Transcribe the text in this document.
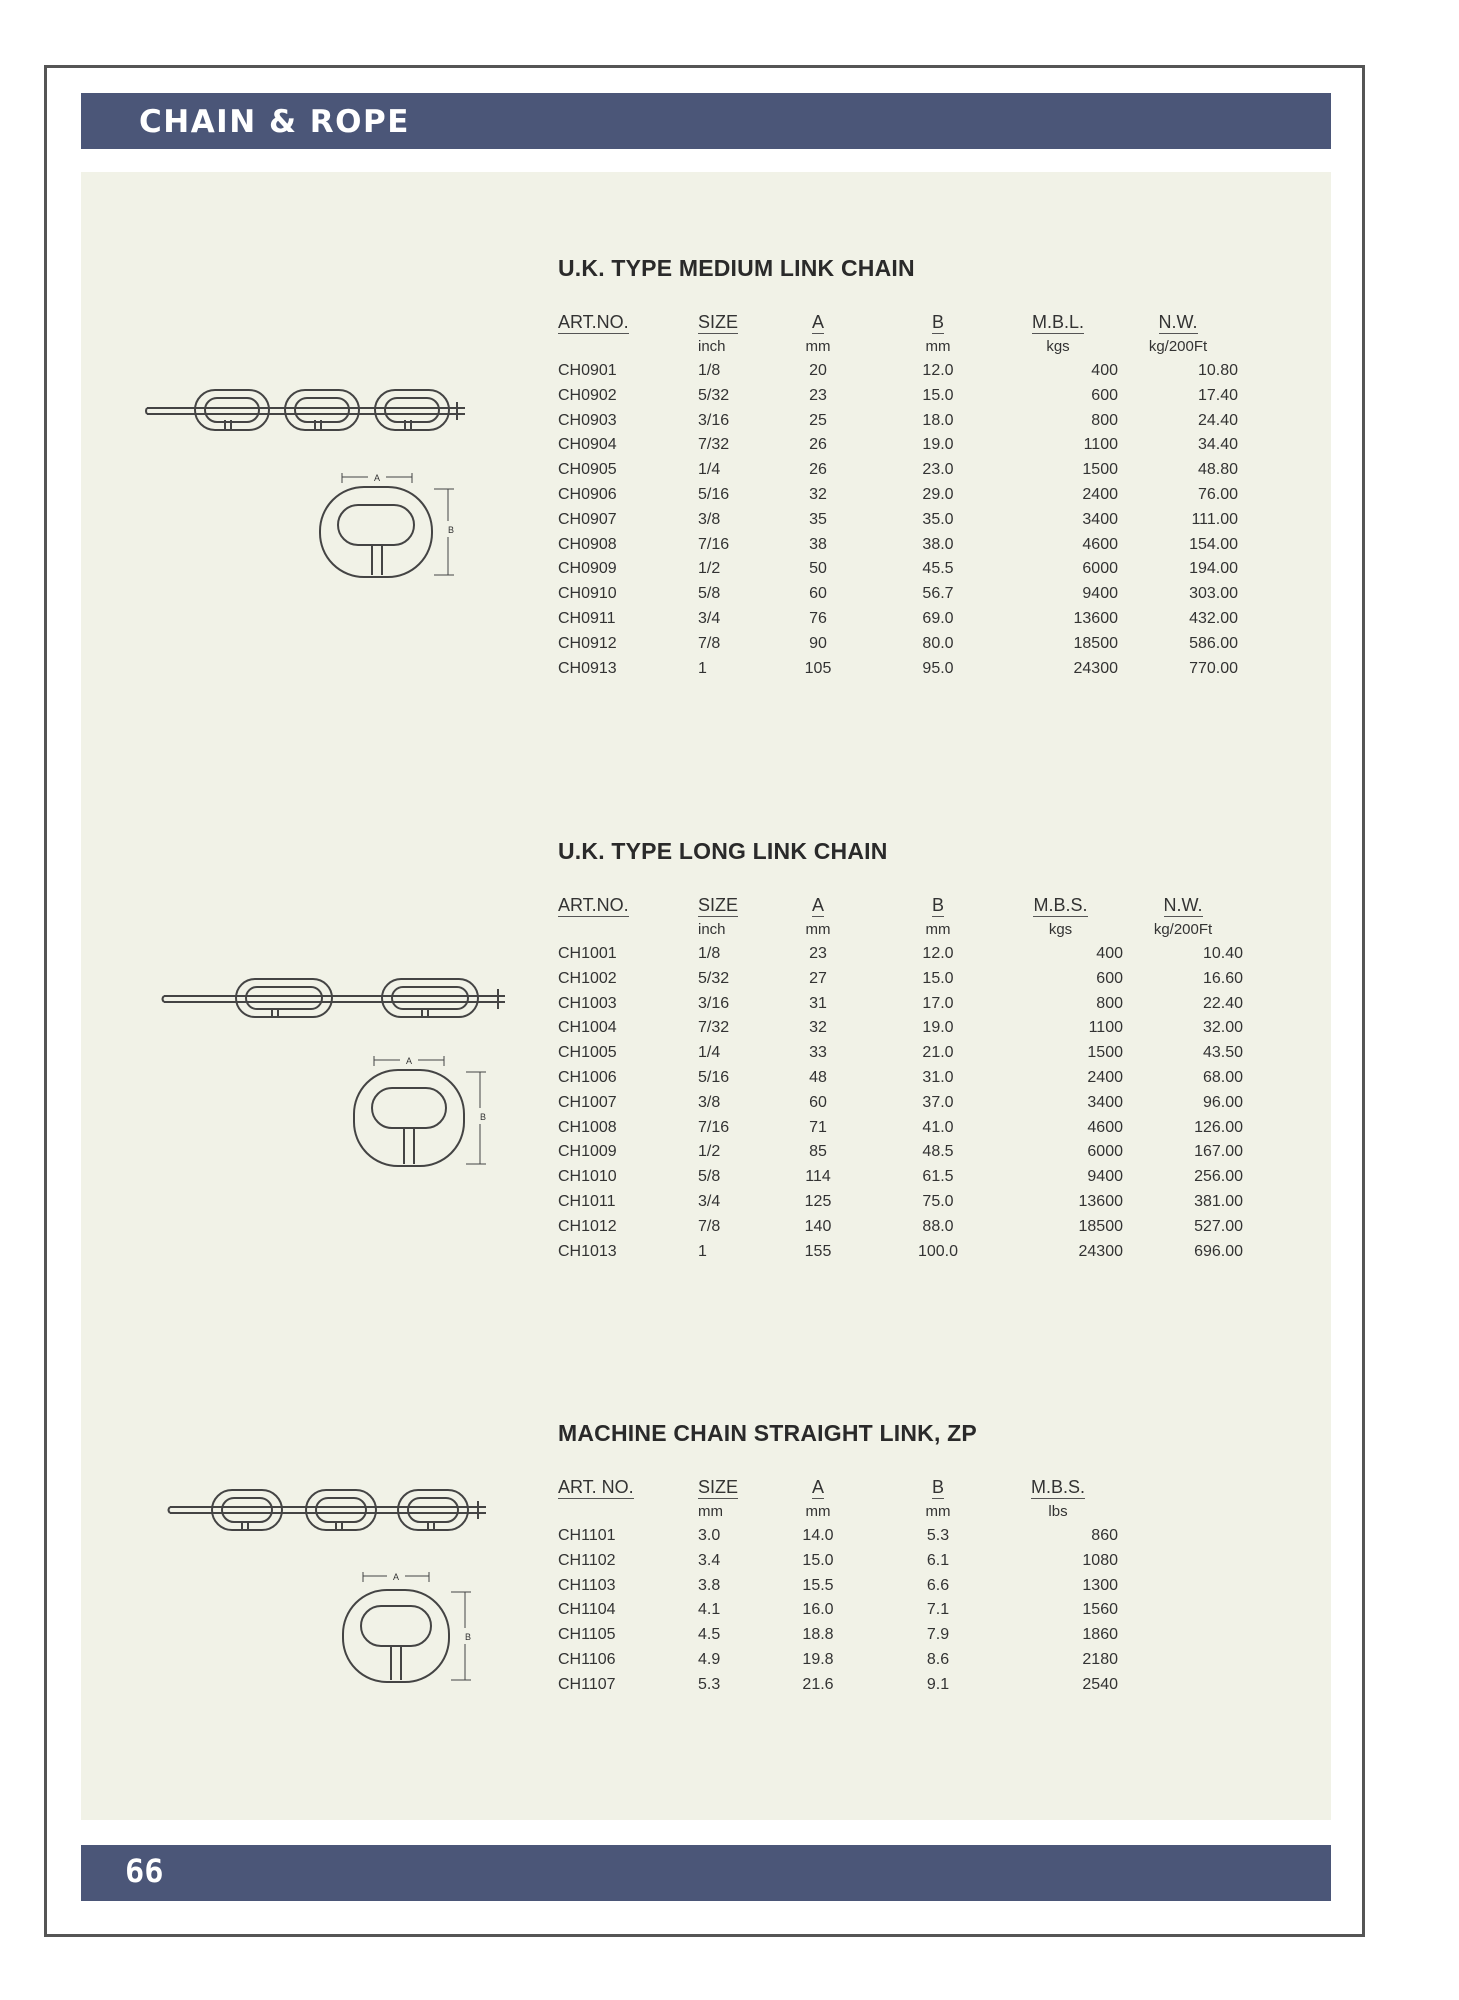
CHAIN & ROPE
U.K. TYPE MEDIUM LINK CHAIN
ART.NO.	SIZE	A	B	M.B.L.	N.W.
	inch	mm	mm	kgs	kg/200Ft
CH0901	1/8	20	12.0	400	10.80
CH0902	5/32	23	15.0	600	17.40
CH0903	3/16	25	18.0	800	24.40
CH0904	7/32	26	19.0	1100	34.40
CH0905	1/4	26	23.0	1500	48.80
CH0906	5/16	32	29.0	2400	76.00
CH0907	3/8	35	35.0	3400	111.00
CH0908	7/16	38	38.0	4600	154.00
CH0909	1/2	50	45.5	6000	194.00
CH0910	5/8	60	56.7	9400	303.00
CH0911	3/4	76	69.0	13600	432.00
CH0912	7/8	90	80.0	18500	586.00
CH0913	1	105	95.0	24300	770.00
U.K. TYPE LONG LINK CHAIN
ART.NO.	SIZE	A	B	M.B.S.	N.W.
	inch	mm	mm	kgs	kg/200Ft
CH1001	1/8	23	12.0	400	10.40
CH1002	5/32	27	15.0	600	16.60
CH1003	3/16	31	17.0	800	22.40
CH1004	7/32	32	19.0	1100	32.00
CH1005	1/4	33	21.0	1500	43.50
CH1006	5/16	48	31.0	2400	68.00
CH1007	3/8	60	37.0	3400	96.00
CH1008	7/16	71	41.0	4600	126.00
CH1009	1/2	85	48.5	6000	167.00
CH1010	5/8	114	61.5	9400	256.00
CH1011	3/4	125	75.0	13600	381.00
CH1012	7/8	140	88.0	18500	527.00
CH1013	1	155	100.0	24300	696.00
MACHINE CHAIN STRAIGHT LINK, ZP
ART. NO.	SIZE	A	B	M.B.S.
	mm	mm	mm	lbs
CH1101	3.0	14.0	5.3	860
CH1102	3.4	15.0	6.1	1080
CH1103	3.8	15.5	6.6	1300
CH1104	4.1	16.0	7.1	1560
CH1105	4.5	18.8	7.9	1860
CH1106	4.9	19.8	8.6	2180
CH1107	5.3	21.6	9.1	2540
A
B
A
B
A
B
66
